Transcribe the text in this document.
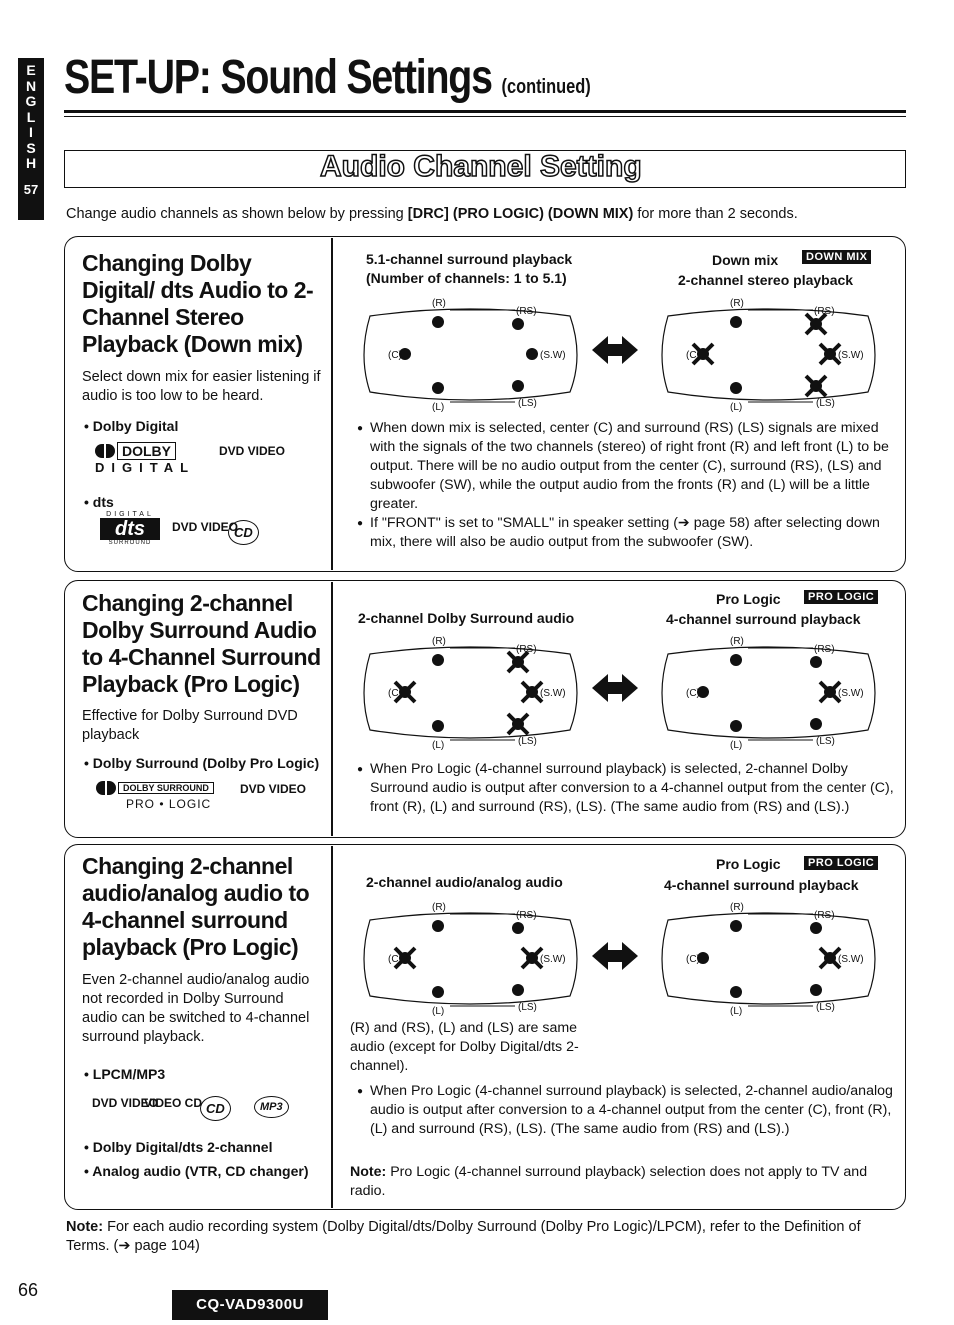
E
N
G
L
I
S
H
57
SET-UP: Sound Settings (continued)
Audio Channel Setting
Change audio channels as shown below by pressing [DRC] (PRO LOGIC) (DOWN MIX) for more than 2 seconds.
Changing Dolby Digital/ dts Audio to 2-Channel Stereo Playback (Down mix)
Select down mix for easier listening if audio is too low to be heard.
• Dolby Digital
DOLBY
DIGITAL
DVD VIDEO
• dts
DIGITAL
dts
SURROUND
DVD VIDEO
CD
5.1-channel surround playback
(Number of channels: 1 to 5.1)
Down mix	DOWN MIX
2-channel stereo playback
(R)
(RS)
(C)	(S.W)
(L)	(LS)
(R)
(RS)
(C)	(S.W)
(L)	(LS)
● When down mix is selected, center (C) and surround (RS) (LS) signals are mixed with the signals of the two channels (stereo) of right front (R) and left front (L) to be output. There will be no audio output from the center (C), surround (RS), (LS) and subwoofer (SW), while the output audio from the fronts (R) and (L) will be a little greater.
● If "FRONT" is set to "SMALL" in speaker setting (➔ page 58) after selecting down mix, there will also be audio output from the subwoofer (SW).
Changing 2-channel Dolby Surround Audio to 4-Channel Surround Playback (Pro Logic)
Effective for Dolby Surround DVD playback
• Dolby Surround (Dolby Pro Logic)
DOLBY SURROUND
PRO • LOGIC
DVD VIDEO
Pro Logic	PRO LOGIC
2-channel Dolby Surround audio	4-channel surround playback
(R)
(RS)
(C)	(S.W)
(L)	(LS)
(R)
(RS)
(C)	(S.W)
(L)	(LS)
● When Pro Logic (4-channel surround playback) is selected, 2-channel Dolby Surround audio is output after conversion to a 4-channel output from the center (C), front (R), (L) and surround (RS), (LS). (The same audio from (RS) and (LS).)
Changing 2-channel audio/analog audio to 4-channel surround playback (Pro Logic)
Even 2-channel audio/analog audio not recorded in Dolby Surround audio can be switched to 4-channel surround playback.
• LPCM/MP3
DVD VIDEO
VIDEO CD CD	MP3
• Dolby Digital/dts 2-channel
• Analog audio (VTR, CD changer)
Pro Logic	PRO LOGIC
2-channel audio/analog audio	4-channel surround playback
(R)
(RS)
(C)	(S.W)
(L)	(LS)
(R)
(RS)
(C)	(S.W)
(L)	(LS)
(R) and (RS), (L) and (LS) are same audio (except for Dolby Digital/dts 2-channel).
● When Pro Logic (4-channel surround playback) is selected, 2-channel audio/analog audio is output after conversion to a 4-channel output from the center (C), front (R), (L) and surround (RS), (LS). (The same audio from (RS) and (LS).)
Note: Pro Logic (4-channel surround playback) selection does not apply to TV and radio.
Note: For each audio recording system (Dolby Digital/dts/Dolby Surround (Dolby Pro Logic)/LPCM), refer to the Definition of Terms. (➔ page 104)
66
CQ-VAD9300U
